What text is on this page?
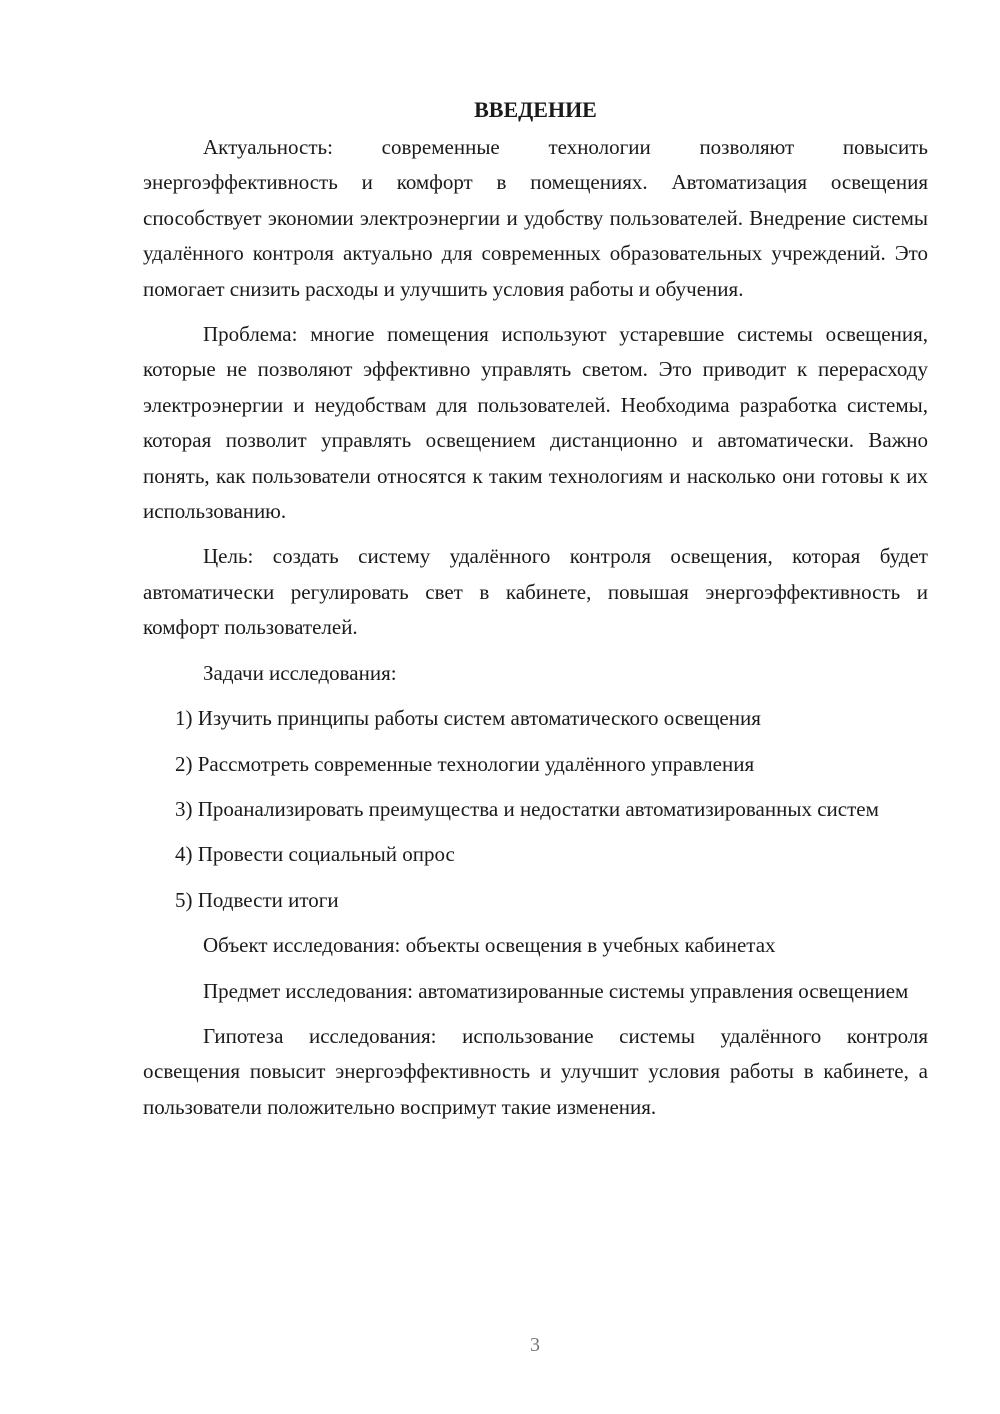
ВВЕДЕНИЕ

Актуальность: современные технологии позволяют повысить энергоэффективность и комфорт в помещениях. Автоматизация освещения способствует экономии электроэнергии и удобству пользователей. Внедрение системы удалённого контроля актуально для современных образовательных учреждений. Это помогает снизить расходы и улучшить условия работы и обучения.

Проблема: многие помещения используют устаревшие системы освещения, которые не позволяют эффективно управлять светом. Это приводит к перерасходу электроэнергии и неудобствам для пользователей. Необходима разработка системы, которая позволит управлять освещением дистанционно и автоматически. Важно понять, как пользователи относятся к таким технологиям и насколько они готовы к их использованию.

Цель: создать систему удалённого контроля освещения, которая будет автоматически регулировать свет в кабинете, повышая энергоэффективность и комфорт пользователей.

Задачи исследования:

1) Изучить принципы работы систем автоматического освещения

2) Рассмотреть современные технологии удалённого управления

3) Проанализировать преимущества и недостатки автоматизированных систем

4) Провести социальный опрос

5) Подвести итоги

Объект исследования: объекты освещения в учебных кабинетах

Предмет исследования: автоматизированные системы управления освещением

Гипотеза исследования: использование системы удалённого контроля освещения повысит энергоэффективность и улучшит условия работы в кабинете, а пользователи положительно воспримут такие изменения.

3
